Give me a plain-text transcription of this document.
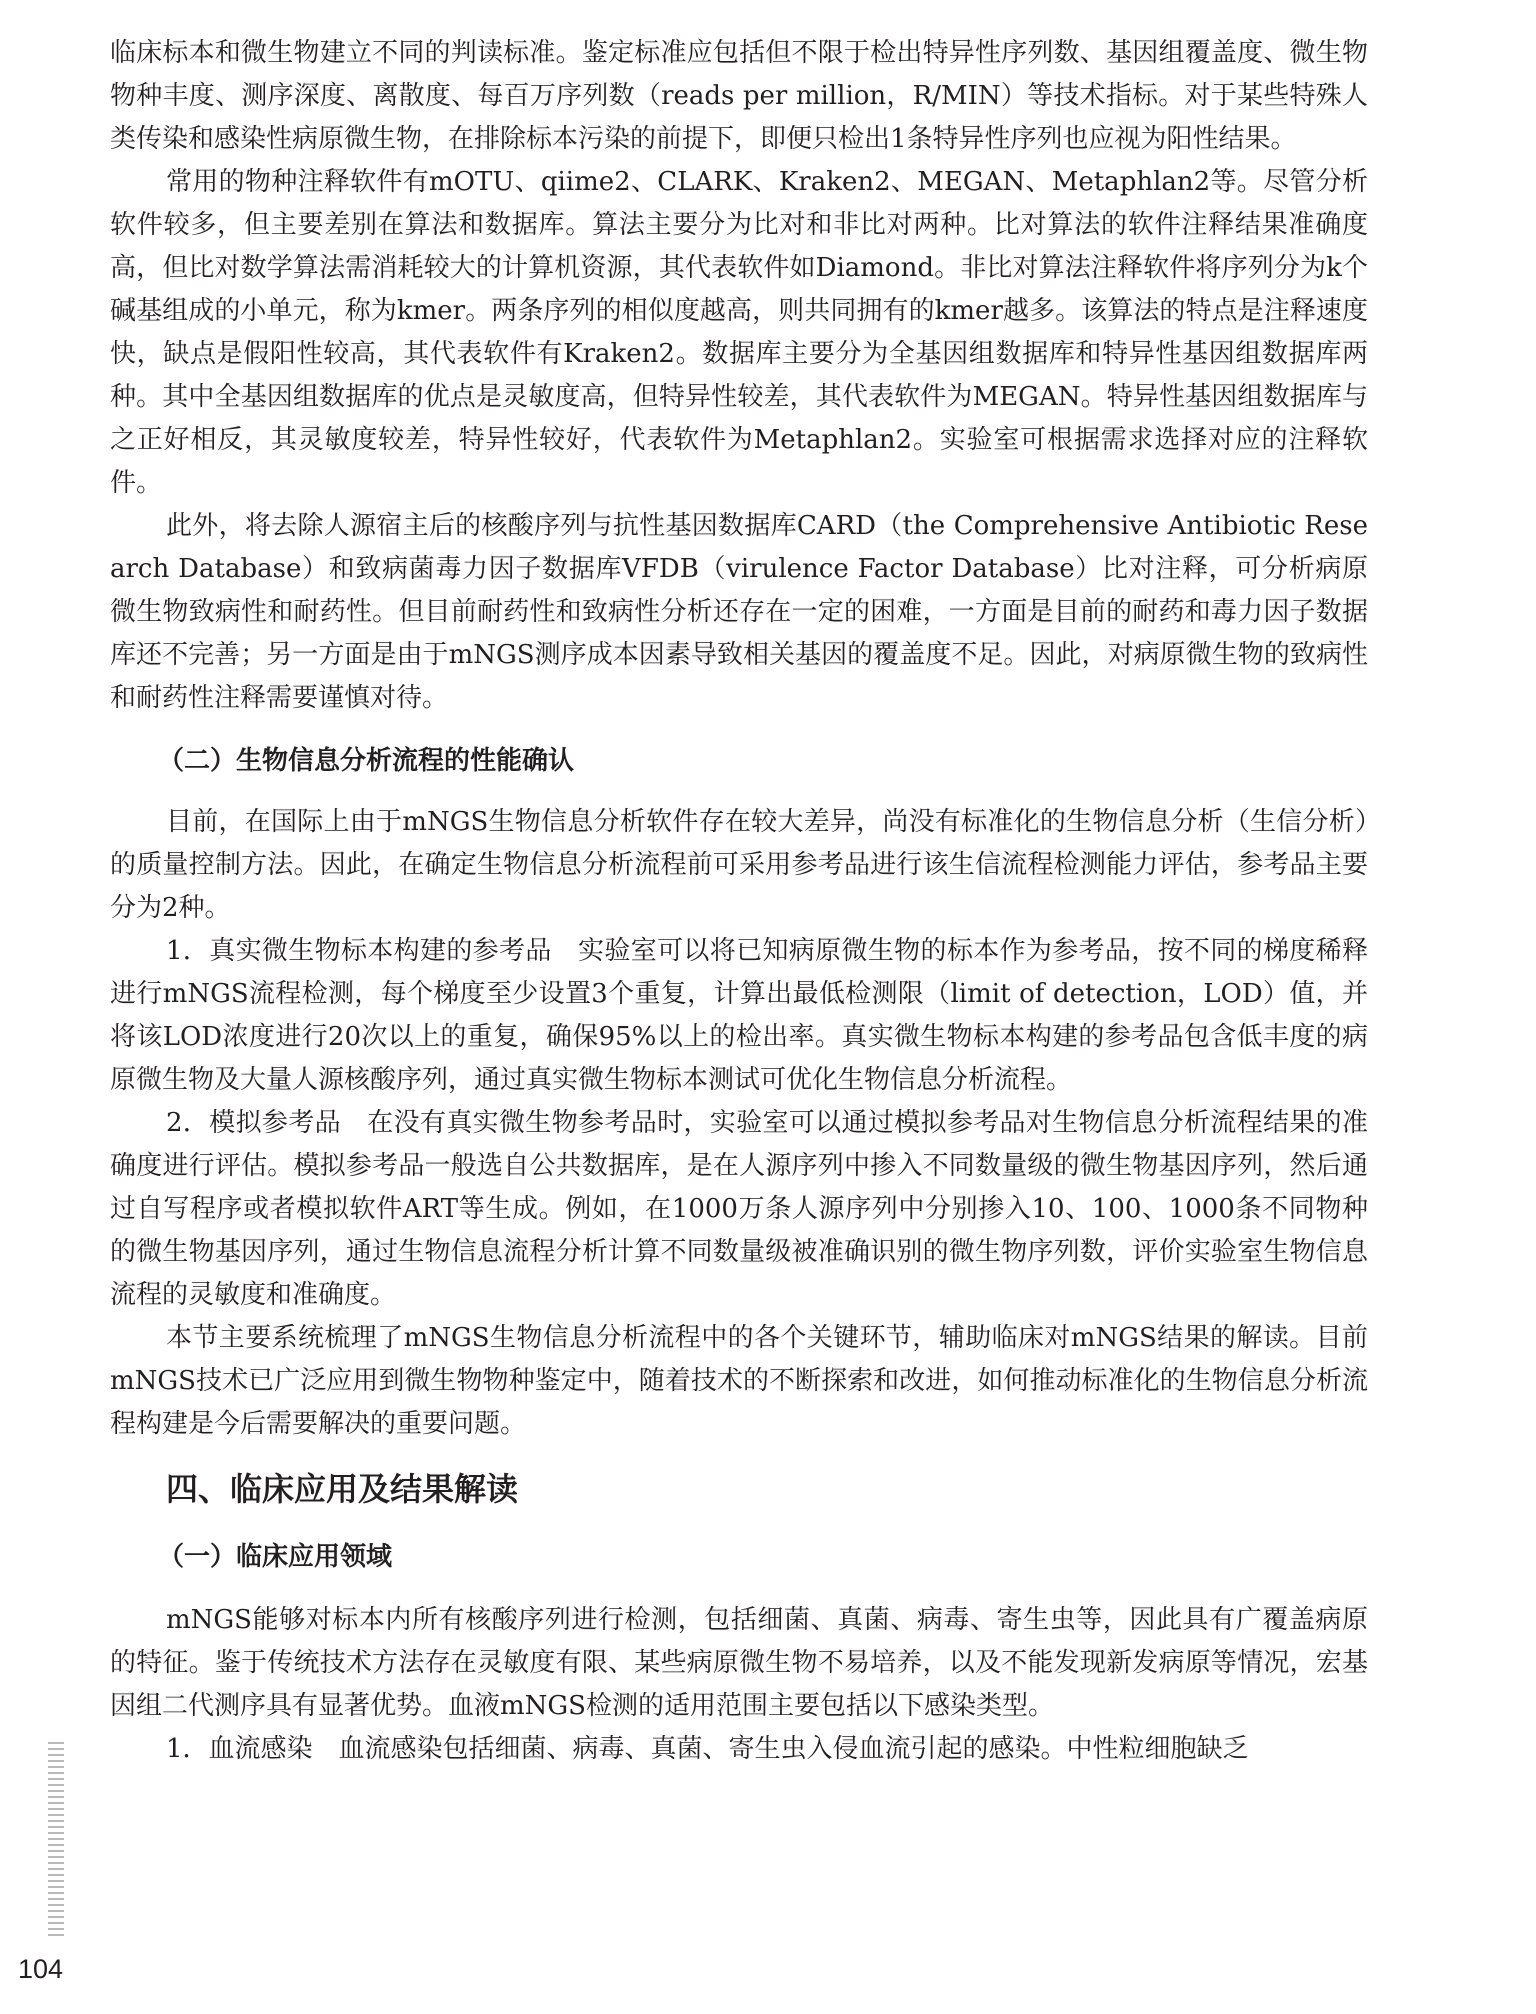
临床标本和微生物建立不同的判读标准。鉴定标准应包括但不限于检出特异性序列数、基因组覆盖度、微生物物种丰度、测序深度、离散度、每百万序列数（reads per million，R/MIN）等技术指标。对于某些特殊人类传染和感染性病原微生物，在排除标本污染的前提下，即便只检出1条特异性序列也应视为阳性结果。

常用的物种注释软件有mOTU、qiime2、CLARK、Kraken2、MEGAN、Metaphlan2等。尽管分析软件较多，但主要差别在算法和数据库。算法主要分为比对和非比对两种。比对算法的软件注释结果准确度高，但比对数学算法需消耗较大的计算机资源，其代表软件如Diamond。非比对算法注释软件将序列分为k个碱基组成的小单元，称为kmer。两条序列的相似度越高，则共同拥有的kmer越多。该算法的特点是注释速度快，缺点是假阳性较高，其代表软件有Kraken2。数据库主要分为全基因组数据库和特异性基因组数据库两种。其中全基因组数据库的优点是灵敏度高，但特异性较差，其代表软件为MEGAN。特异性基因组数据库与之正好相反，其灵敏度较差，特异性较好，代表软件为Metaphlan2。实验室可根据需求选择对应的注释软件。

此外，将去除人源宿主后的核酸序列与抗性基因数据库CARD（the Comprehensive Antibiotic Research Database）和致病菌毒力因子数据库VFDB（virulence Factor Database）比对注释，可分析病原微生物致病性和耐药性。但目前耐药性和致病性分析还存在一定的困难，一方面是目前的耐药和毒力因子数据库还不完善；另一方面是由于mNGS测序成本因素导致相关基因的覆盖度不足。因此，对病原微生物的致病性和耐药性注释需要谨慎对待。

（二）生物信息分析流程的性能确认

目前，在国际上由于mNGS生物信息分析软件存在较大差异，尚没有标准化的生物信息分析（生信分析）的质量控制方法。因此，在确定生物信息分析流程前可采用参考品进行该生信流程检测能力评估，参考品主要分为2种。

1．真实微生物标本构建的参考品　实验室可以将已知病原微生物的标本作为参考品，按不同的梯度稀释进行mNGS流程检测，每个梯度至少设置3个重复，计算出最低检测限（limit of detection，LOD）值，并将该LOD浓度进行20次以上的重复，确保95%以上的检出率。真实微生物标本构建的参考品包含低丰度的病原微生物及大量人源核酸序列，通过真实微生物标本测试可优化生物信息分析流程。

2．模拟参考品　在没有真实微生物参考品时，实验室可以通过模拟参考品对生物信息分析流程结果的准确度进行评估。模拟参考品一般选自公共数据库，是在人源序列中掺入不同数量级的微生物基因序列，然后通过自写程序或者模拟软件ART等生成。例如，在1000万条人源序列中分别掺入10、100、1000条不同物种的微生物基因序列，通过生物信息流程分析计算不同数量级被准确识别的微生物序列数，评价实验室生物信息流程的灵敏度和准确度。

本节主要系统梳理了mNGS生物信息分析流程中的各个关键环节，辅助临床对mNGS结果的解读。目前mNGS技术已广泛应用到微生物物种鉴定中，随着技术的不断探索和改进，如何推动标准化的生物信息分析流程构建是今后需要解决的重要问题。

四、临床应用及结果解读
（一）临床应用领域

mNGS能够对标本内所有核酸序列进行检测，包括细菌、真菌、病毒、寄生虫等，因此具有广覆盖病原的特征。鉴于传统技术方法存在灵敏度有限、某些病原微生物不易培养，以及不能发现新发病原等情况，宏基因组二代测序具有显著优势。血液mNGS检测的适用范围主要包括以下感染类型。

1．血流感染　血流感染包括细菌、病毒、真菌、寄生虫入侵血流引起的感染。中性粒细胞缺乏

104
